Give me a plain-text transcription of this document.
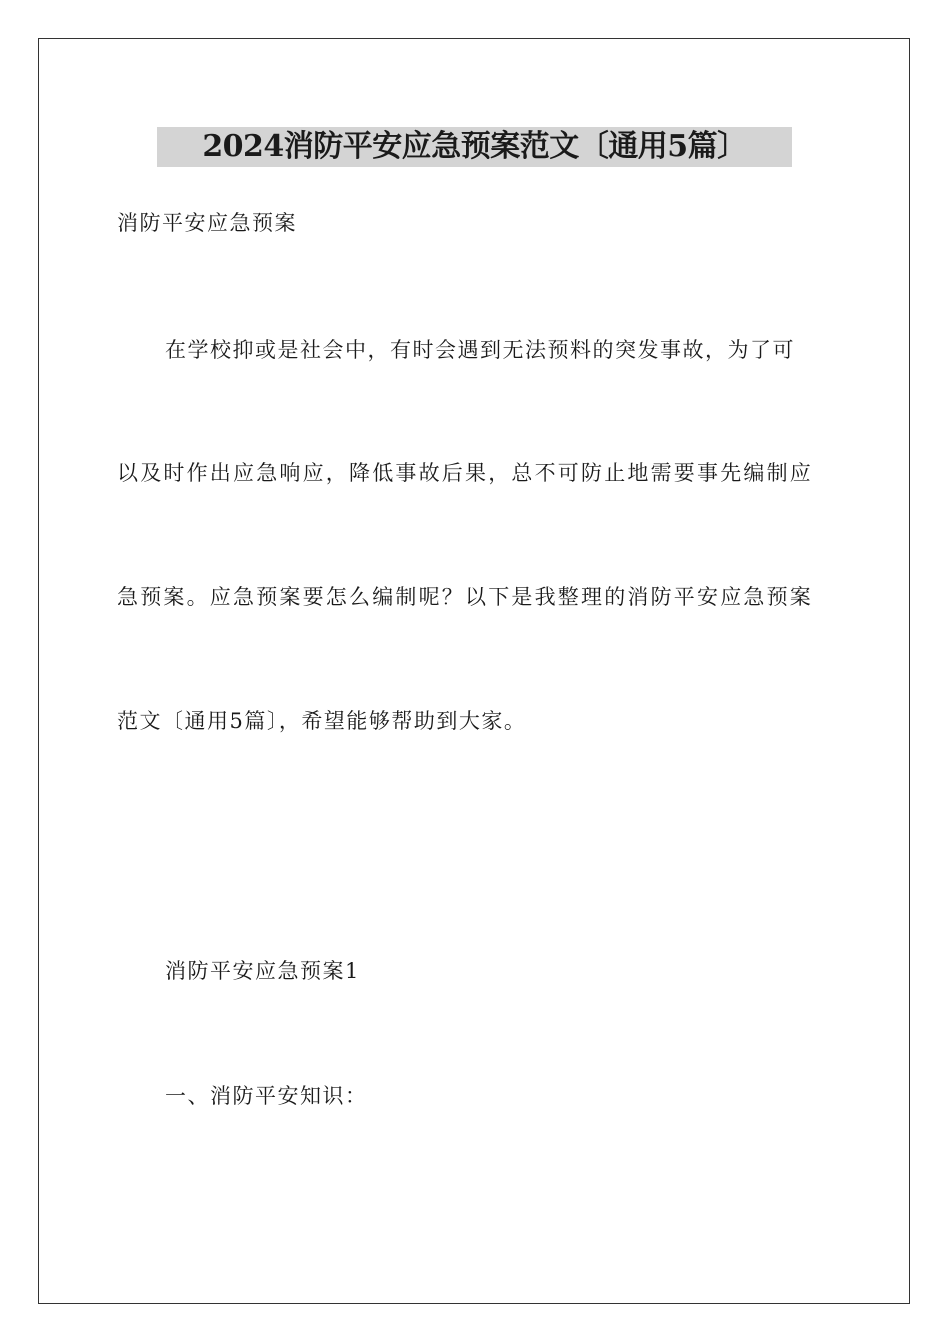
2024消防平安应急预案范文〔通用5篇〕
消防平安应急预案
在学校抑或是社会中，有时会遇到无法预料的突发事故，为了可
以及时作出应急响应，降低事故后果，总不可防止地需要事先编制应
急预案。应急预案要怎么编制呢？以下是我整理的消防平安应急预案
范文〔通用5篇〕，希望能够帮助到大家。
消防平安应急预案1
一、消防平安知识：
